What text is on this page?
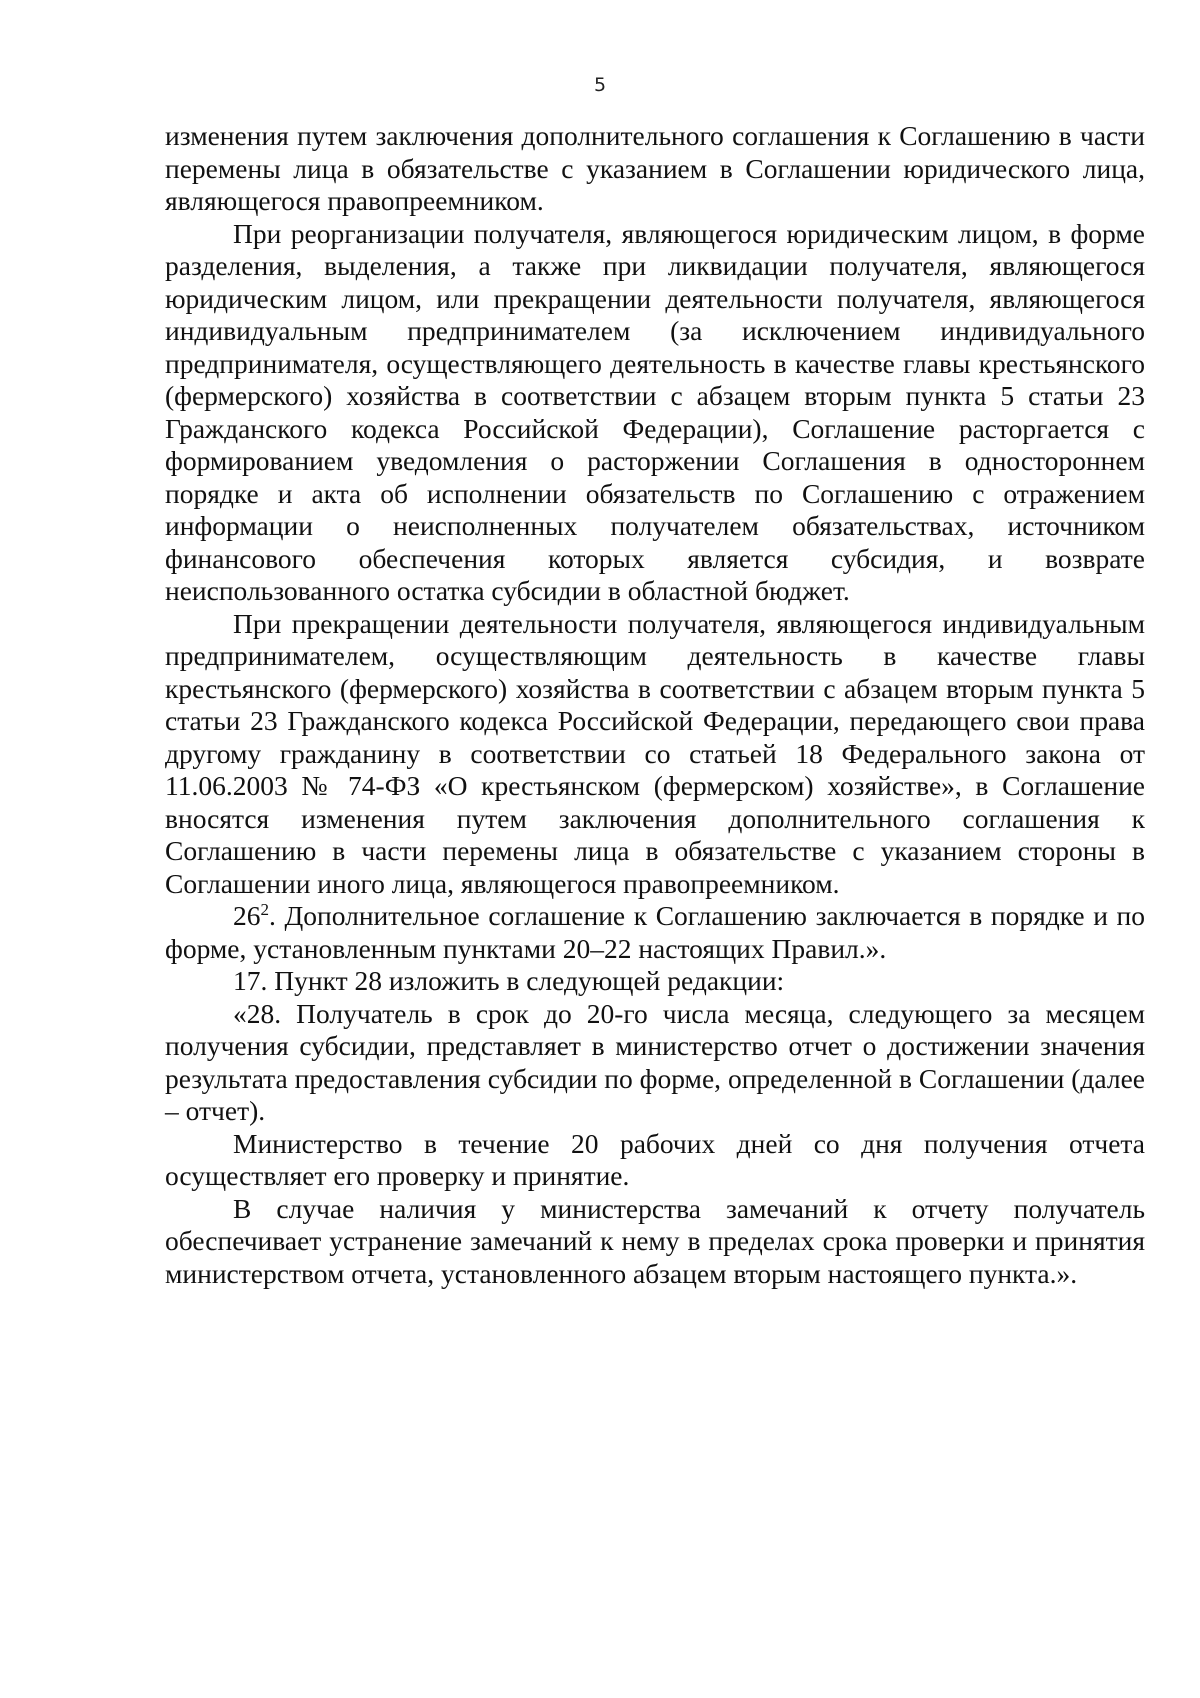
5

изменения путем заключения дополнительного соглашения к Соглашению в части перемены лица в обязательстве с указанием в Соглашении юридического лица, являющегося правопреемником.

При реорганизации получателя, являющегося юридическим лицом, в форме разделения, выделения, а также при ликвидации получателя, являющегося юридическим лицом, или прекращении деятельности получателя, являющегося индивидуальным предпринимателем (за исключением индивидуального предпринимателя, осуществляющего деятельность в качестве главы крестьянского (фермерского) хозяйства в соответствии с абзацем вторым пункта 5 статьи 23 Гражданского кодекса Российской Федерации), Соглашение расторгается с формированием уведомления о расторжении Соглашения в одностороннем порядке и акта об исполнении обязательств по Соглашению с отражением информации о неисполненных получателем обязательствах, источником финансового обеспечения которых является субсидия, и возврате неиспользованного остатка субсидии в областной бюджет.

При прекращении деятельности получателя, являющегося индивидуальным предпринимателем, осуществляющим деятельность в качестве главы крестьянского (фермерского) хозяйства в соответствии с абзацем вторым пункта 5 статьи 23 Гражданского кодекса Российской Федерации, передающего свои права другому гражданину в соответствии со статьей 18 Федерального закона от 11.06.2003 № 74-ФЗ «О крестьянском (фермерском) хозяйстве», в Соглашение вносятся изменения путем заключения дополнительного соглашения к Соглашению в части перемены лица в обязательстве с указанием стороны в Соглашении иного лица, являющегося правопреемником.

$26^2$. Дополнительное соглашение к Соглашению заключается в порядке и по форме, установленным пунктами 20–22 настоящих Правил.».

17. Пункт 28 изложить в следующей редакции:

«28. Получатель в срок до 20-го числа месяца, следующего за месяцем получения субсидии, представляет в министерство отчет о достижении значения результата предоставления субсидии по форме, определенной в Соглашении (далее – отчет).

Министерство в течение 20 рабочих дней со дня получения отчета осуществляет его проверку и принятие.

В случае наличия у министерства замечаний к отчету получатель обеспечивает устранение замечаний к нему в пределах срока проверки и принятия министерством отчета, установленного абзацем вторым настоящего пункта.».
